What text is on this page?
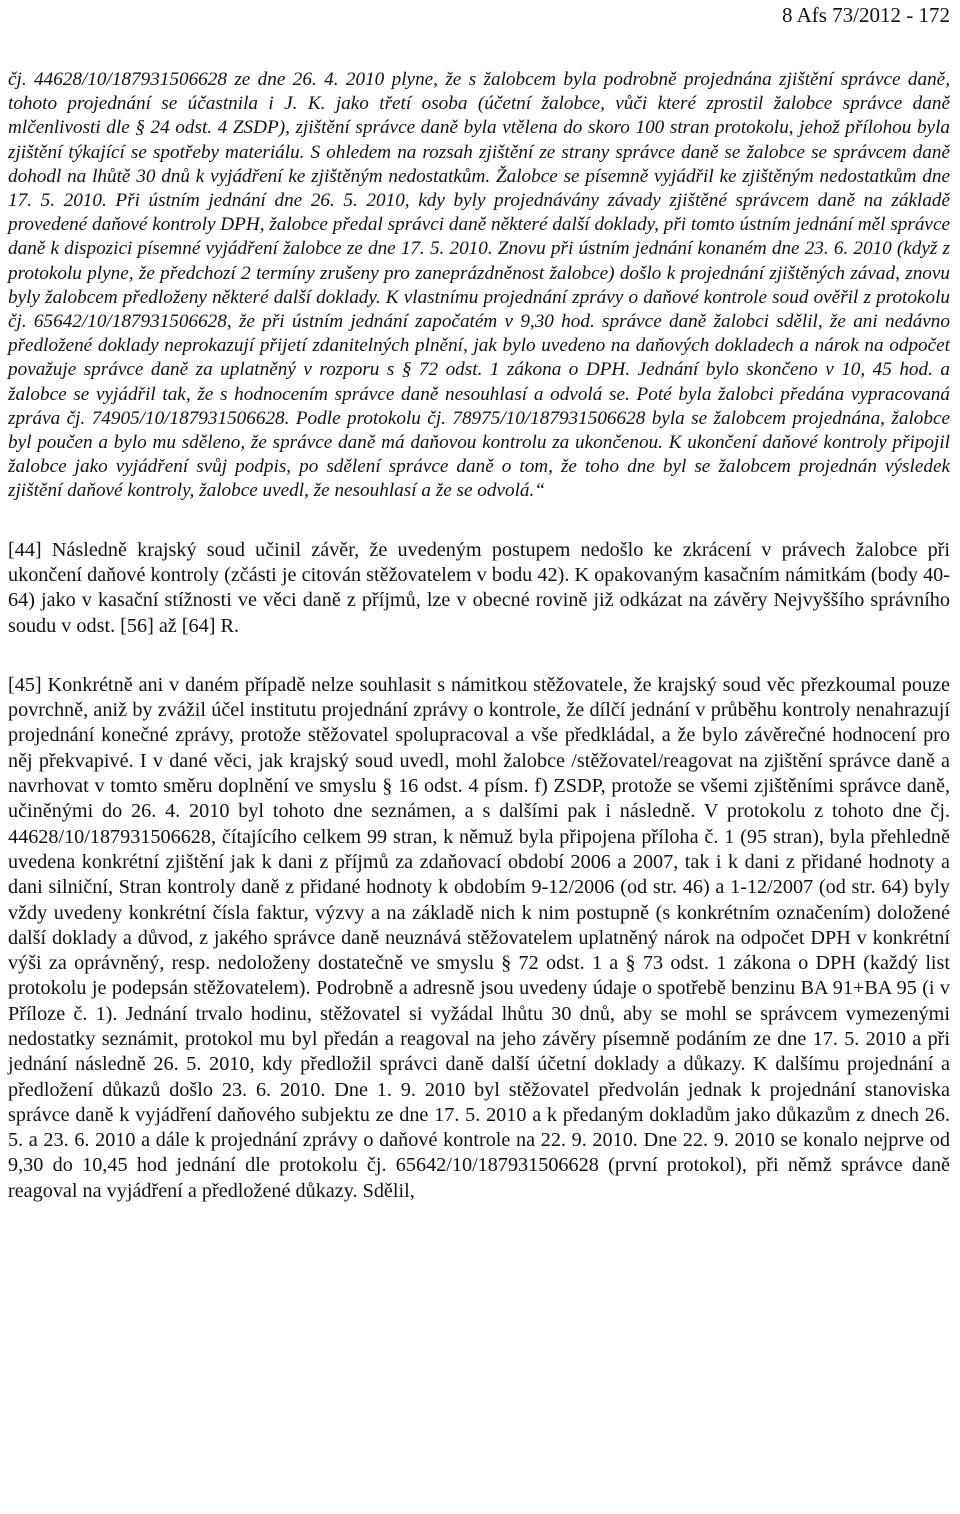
8 Afs 73/2012 - 172
čj. 44628/10/187931506628 ze dne 26. 4. 2010 plyne, že s žalobcem byla podrobně projednána zjištění správce daně, tohoto projednání se účastnila i J. K. jako třetí osoba (účetní žalobce, vůči které zprostil žalobce správce daně mlčenlivosti dle § 24 odst. 4 ZSDP), zjištění správce daně byla vtělena do skoro 100 stran protokolu, jehož přílohou byla zjištění týkající se spotřeby materiálu. S ohledem na rozsah zjištění ze strany správce daně se žalobce se správcem daně dohodl na lhůtě 30 dnů k vyjádření ke zjištěným nedostatkům. Žalobce se písemně vyjádřil ke zjištěným nedostatkům dne 17. 5. 2010. Při ústním jednání dne 26. 5. 2010, kdy byly projednávány závady zjištěné správcem daně na základě provedené daňové kontroly DPH, žalobce předal správci daně některé další doklady, při tomto ústním jednání měl správce daně k dispozici písemné vyjádření žalobce ze dne 17. 5. 2010. Znovu při ústním jednání konaném dne 23. 6. 2010 (když z protokolu plyne, že předchozí 2 termíny zrušeny pro zaneprázdněnost žalobce) došlo k projednání zjištěných závad, znovu byly žalobcem předloženy některé další doklady. K vlastnímu projednání zprávy o daňové kontrole soud ověřil z protokolu čj. 65642/10/187931506628, že při ústním jednání započatém v 9,30 hod. správce daně žalobci sdělil, že ani nedávno předložené doklady neprokazují přijetí zdanitelných plnění, jak bylo uvedeno na daňových dokladech a nárok na odpočet považuje správce daně za uplatněný v rozporu s § 72 odst. 1 zákona o DPH. Jednání bylo skončeno v 10, 45 hod. a žalobce se vyjádřil tak, že s hodnocením správce daně nesouhlasí a odvolá se. Poté byla žalobci předána vypracovaná zpráva čj. 74905/10/187931506628. Podle protokolu čj. 78975/10/187931506628 byla se žalobcem projednána, žalobce byl poučen a bylo mu sděleno, že správce daně má daňovou kontrolu za ukončenou. K ukončení daňové kontroly připojil žalobce jako vyjádření svůj podpis, po sdělení správce daně o tom, že toho dne byl se žalobcem projednán výsledek zjištění daňové kontroly, žalobce uvedl, že nesouhlasí a že se odvolá.“
[44] Následně krajský soud učinil závěr, že uvedeným postupem nedošlo ke zkrácení v právech žalobce při ukončení daňové kontroly (zčásti je citován stěžovatelem v bodu 42). K opakovaným kasačním námitkám (body 40-64) jako v kasační stížnosti ve věci daně z příjmů, lze v obecné rovině již odkázat na závěry Nejvyššího správního soudu v odst. [56] až [64] R.
[45] Konkrétně ani v daném případě nelze souhlasit s námitkou stěžovatele, že krajský soud věc přezkoumal pouze povrchně, aniž by zvážil účel institutu projednání zprávy o kontrole, že dílčí jednání v průběhu kontroly nenahrazují projednání konečné zprávy, protože stěžovatel spolupracoval a vše předkládal, a že bylo závěrečné hodnocení pro něj překvapivé. I v dané věci, jak krajský soud uvedl, mohl žalobce /stěžovatel/reagovat na zjištění správce daně a navrhovat v tomto směru doplnění ve smyslu § 16 odst. 4 písm. f) ZSDP, protože se všemi zjištěními správce daně, učiněnými do 26. 4. 2010 byl tohoto dne seznámen, a s dalšími pak i následně. V protokolu z tohoto dne čj. 44628/10/187931506628, čítajícího celkem 99 stran, k němuž byla připojena příloha č. 1 (95 stran), byla přehledně uvedena konkrétní zjištění jak k dani z příjmů za zdaňovací období 2006 a 2007, tak i k dani z přidané hodnoty a dani silniční, Stran kontroly daně z přidané hodnoty k obdobím 9-12/2006 (od str. 46) a 1-12/2007 (od str. 64) byly vždy uvedeny konkrétní čísla faktur, výzvy a na základě nich k nim postupně (s konkrétním označením) doložené další doklady a důvod, z jakého správce daně neuznává stěžovatelem uplatněný nárok na odpočet DPH v konkrétní výši za oprávněný, resp. nedoloženy dostatečně ve smyslu § 72 odst. 1 a § 73 odst. 1 zákona o DPH (každý list protokolu je podepsán stěžovatelem). Podrobně a adresně jsou uvedeny údaje o spotřebě benzinu BA 91+BA 95 (i v Příloze č. 1). Jednání trvalo hodinu, stěžovatel si vyžádal lhůtu 30 dnů, aby se mohl se správcem vymezenými nedostatky seznámit, protokol mu byl předán a reagoval na jeho závěry písemně podáním ze dne 17. 5. 2010 a při jednání následně 26. 5. 2010, kdy předložil správci daně další účetní doklady a důkazy. K dalšímu projednání a předložení důkazů došlo 23. 6. 2010. Dne 1. 9. 2010 byl stěžovatel předvolán jednak k projednání stanoviska správce daně k vyjádření daňového subjektu ze dne 17. 5. 2010 a k předaným dokladům jako důkazům z dnech 26. 5. a 23. 6. 2010 a dále k projednání zprávy o daňové kontrole na 22. 9. 2010. Dne 22. 9. 2010 se konalo nejprve od 9,30 do 10,45 hod jednání dle protokolu čj. 65642/10/187931506628 (první protokol), při němž správce daně reagoval na vyjádření a předložené důkazy. Sdělil,
